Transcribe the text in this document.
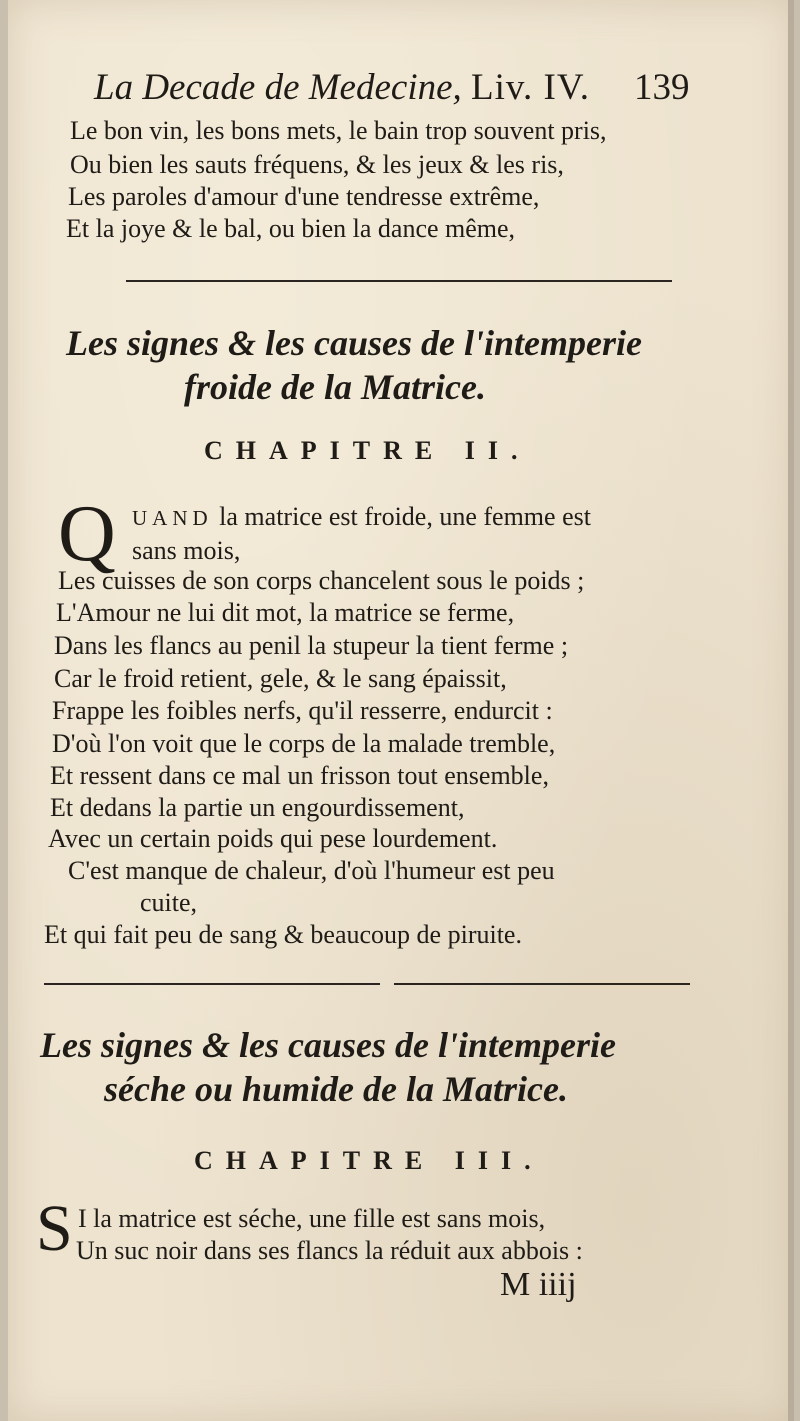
La Decade de Medecine, Liv. IV. 139
Le bon vin, les bons mets, le bain trop souvent pris,
Ou bien les sauts fréquens, & les jeux & les ris,
Les paroles d'amour d'une tendresse extrême,
Et la joye & le bal, ou bien la dance même,
Les signes & les causes de l'intemperie
froide de la Matrice.
CHAPITRE II.
Q UAND la matrice est froide, une femme est
sans mois,
Les cuisses de son corps chancelent sous le poids ;
L'Amour ne lui dit mot, la matrice se ferme,
Dans les flancs au penil la stupeur la tient ferme ;
Car le froid retient, gele, & le sang épaissit,
Frappe les foibles nerfs, qu'il resserre, endurcit :
D'où l'on voit que le corps de la malade tremble,
Et ressent dans ce mal un frisson tout ensemble,
Et dedans la partie un engourdissement,
Avec un certain poids qui pese lourdement.
C'est manque de chaleur, d'où l'humeur est peu
cuite,
Et qui fait peu de sang & beaucoup de piruite.
Les signes & les causes de l'intemperie
séche ou humide de la Matrice.
CHAPITRE III.
S I la matrice est séche, une fille est sans mois,
Un suc noir dans ses flancs la réduit aux abbois :
M iiij
